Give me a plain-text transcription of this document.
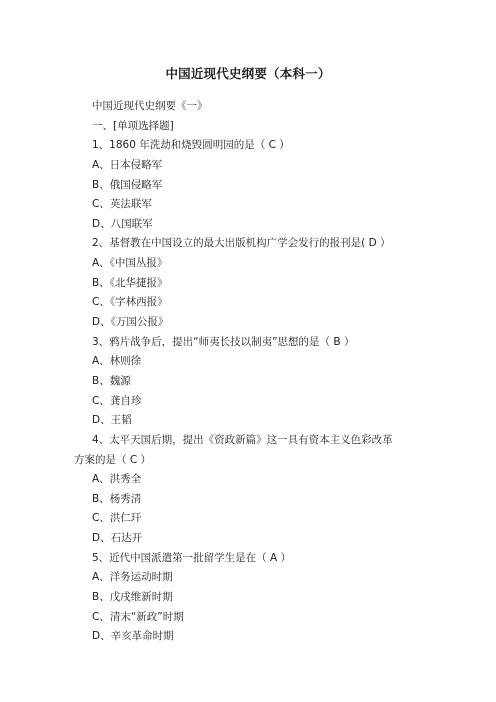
中国近现代史纲要（本科一）
中国近现代史纲要《一》
一、[单项选择题]
1、1860 年洗劫和烧毁圆明园的是（ C ）
A、日本侵略军
B、俄国侵略军
C、英法联军
D、八国联军
2、基督教在中国设立的最大出版机构广学会发行的报刊是( D ）
A、《中国丛报》
B、《北华捷报》
C、《字林西报》
D、《万国公报》
3、鸦片战争后，提出“师夷长技以制夷”思想的是（ B ）
A、林则徐
B、魏源
C、龚自珍
D、王韬
4、太平天国后期，提出《资政新篇》这一具有资本主义色彩改革
方案的是（ C ）
A、洪秀全
B、杨秀清
C、洪仁玕
D、石达开
5、近代中国派遣第一批留学生是在（ A ）
A、洋务运动时期
B、戊戌维新时期
C、清末“新政”时期
D、辛亥革命时期
